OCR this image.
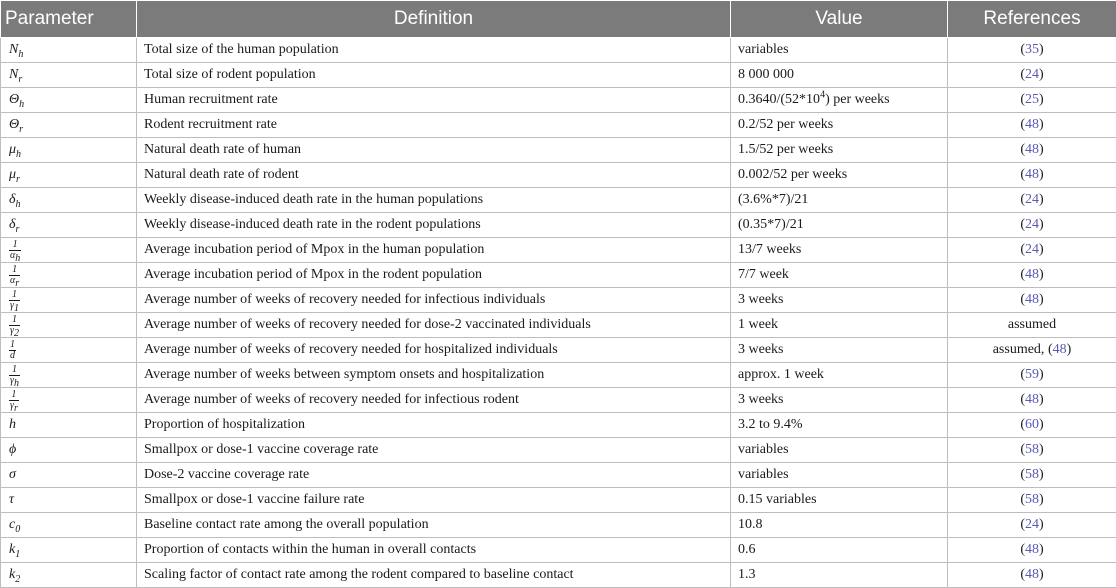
Parameter	Definition	Value	References
$N_h$	Total size of the human population	variables	(35)
$N_r$	Total size of rodent population	8 000 000	(24)
$\Theta_h$	Human recruitment rate	$0.3640/(52*10^4)$ per weeks	(25)
$\Theta_r$	Rodent recruitment rate	0.2/52 per weeks	(48)
$\mu_h$	Natural death rate of human	1.5/52 per weeks	(48)
$\mu_r$	Natural death rate of rodent	0.002/52 per weeks	(48)
$\delta_h$	Weekly disease-induced death rate in the human populations	(3.6%*7)/21	(24)
$\delta_r$	Weekly disease-induced death rate in the rodent populations	(0.35*7)/21	(24)

$\frac{1}{\alpha_h}$	Average incubation period of Mpox in the human population	13/7 weeks	(24)

$\frac{1}{\alpha_r}$	Average incubation period of Mpox in the rodent population	7/7 week	(48)

$\frac{1}{\gamma_1}$	Average number of weeks of recovery needed for infectious individuals	3 weeks	(48)

$\frac{1}{\gamma_2}$	Average number of weeks of recovery needed for dose-2 vaccinated individuals	1 week	assumed

$\frac{1}{d}$	Average number of weeks of recovery needed for hospitalized individuals	3 weeks	assumed, (48)

$\frac{1}{\gamma_h}$	Average number of weeks between symptom onsets and hospitalization	approx. 1 week	(59)

$\frac{1}{\gamma_r}$	Average number of weeks of recovery needed for infectious rodent	3 weeks	(48)
h	Proportion of hospitalization	3.2 to 9.4%	(60)
ϕ	Smallpox or dose-1 vaccine coverage rate	variables	(58)
σ	Dose-2 vaccine coverage rate	variables	(58)
τ	Smallpox or dose-1 vaccine failure rate	0.15 variables	(58)
$c_0$	Baseline contact rate among the overall population	10.8	(24)
$k_1$	Proportion of contacts within the human in overall contacts	0.6	(48)
$k_2$	Scaling factor of contact rate among the rodent compared to baseline contact	1.3	(48)
